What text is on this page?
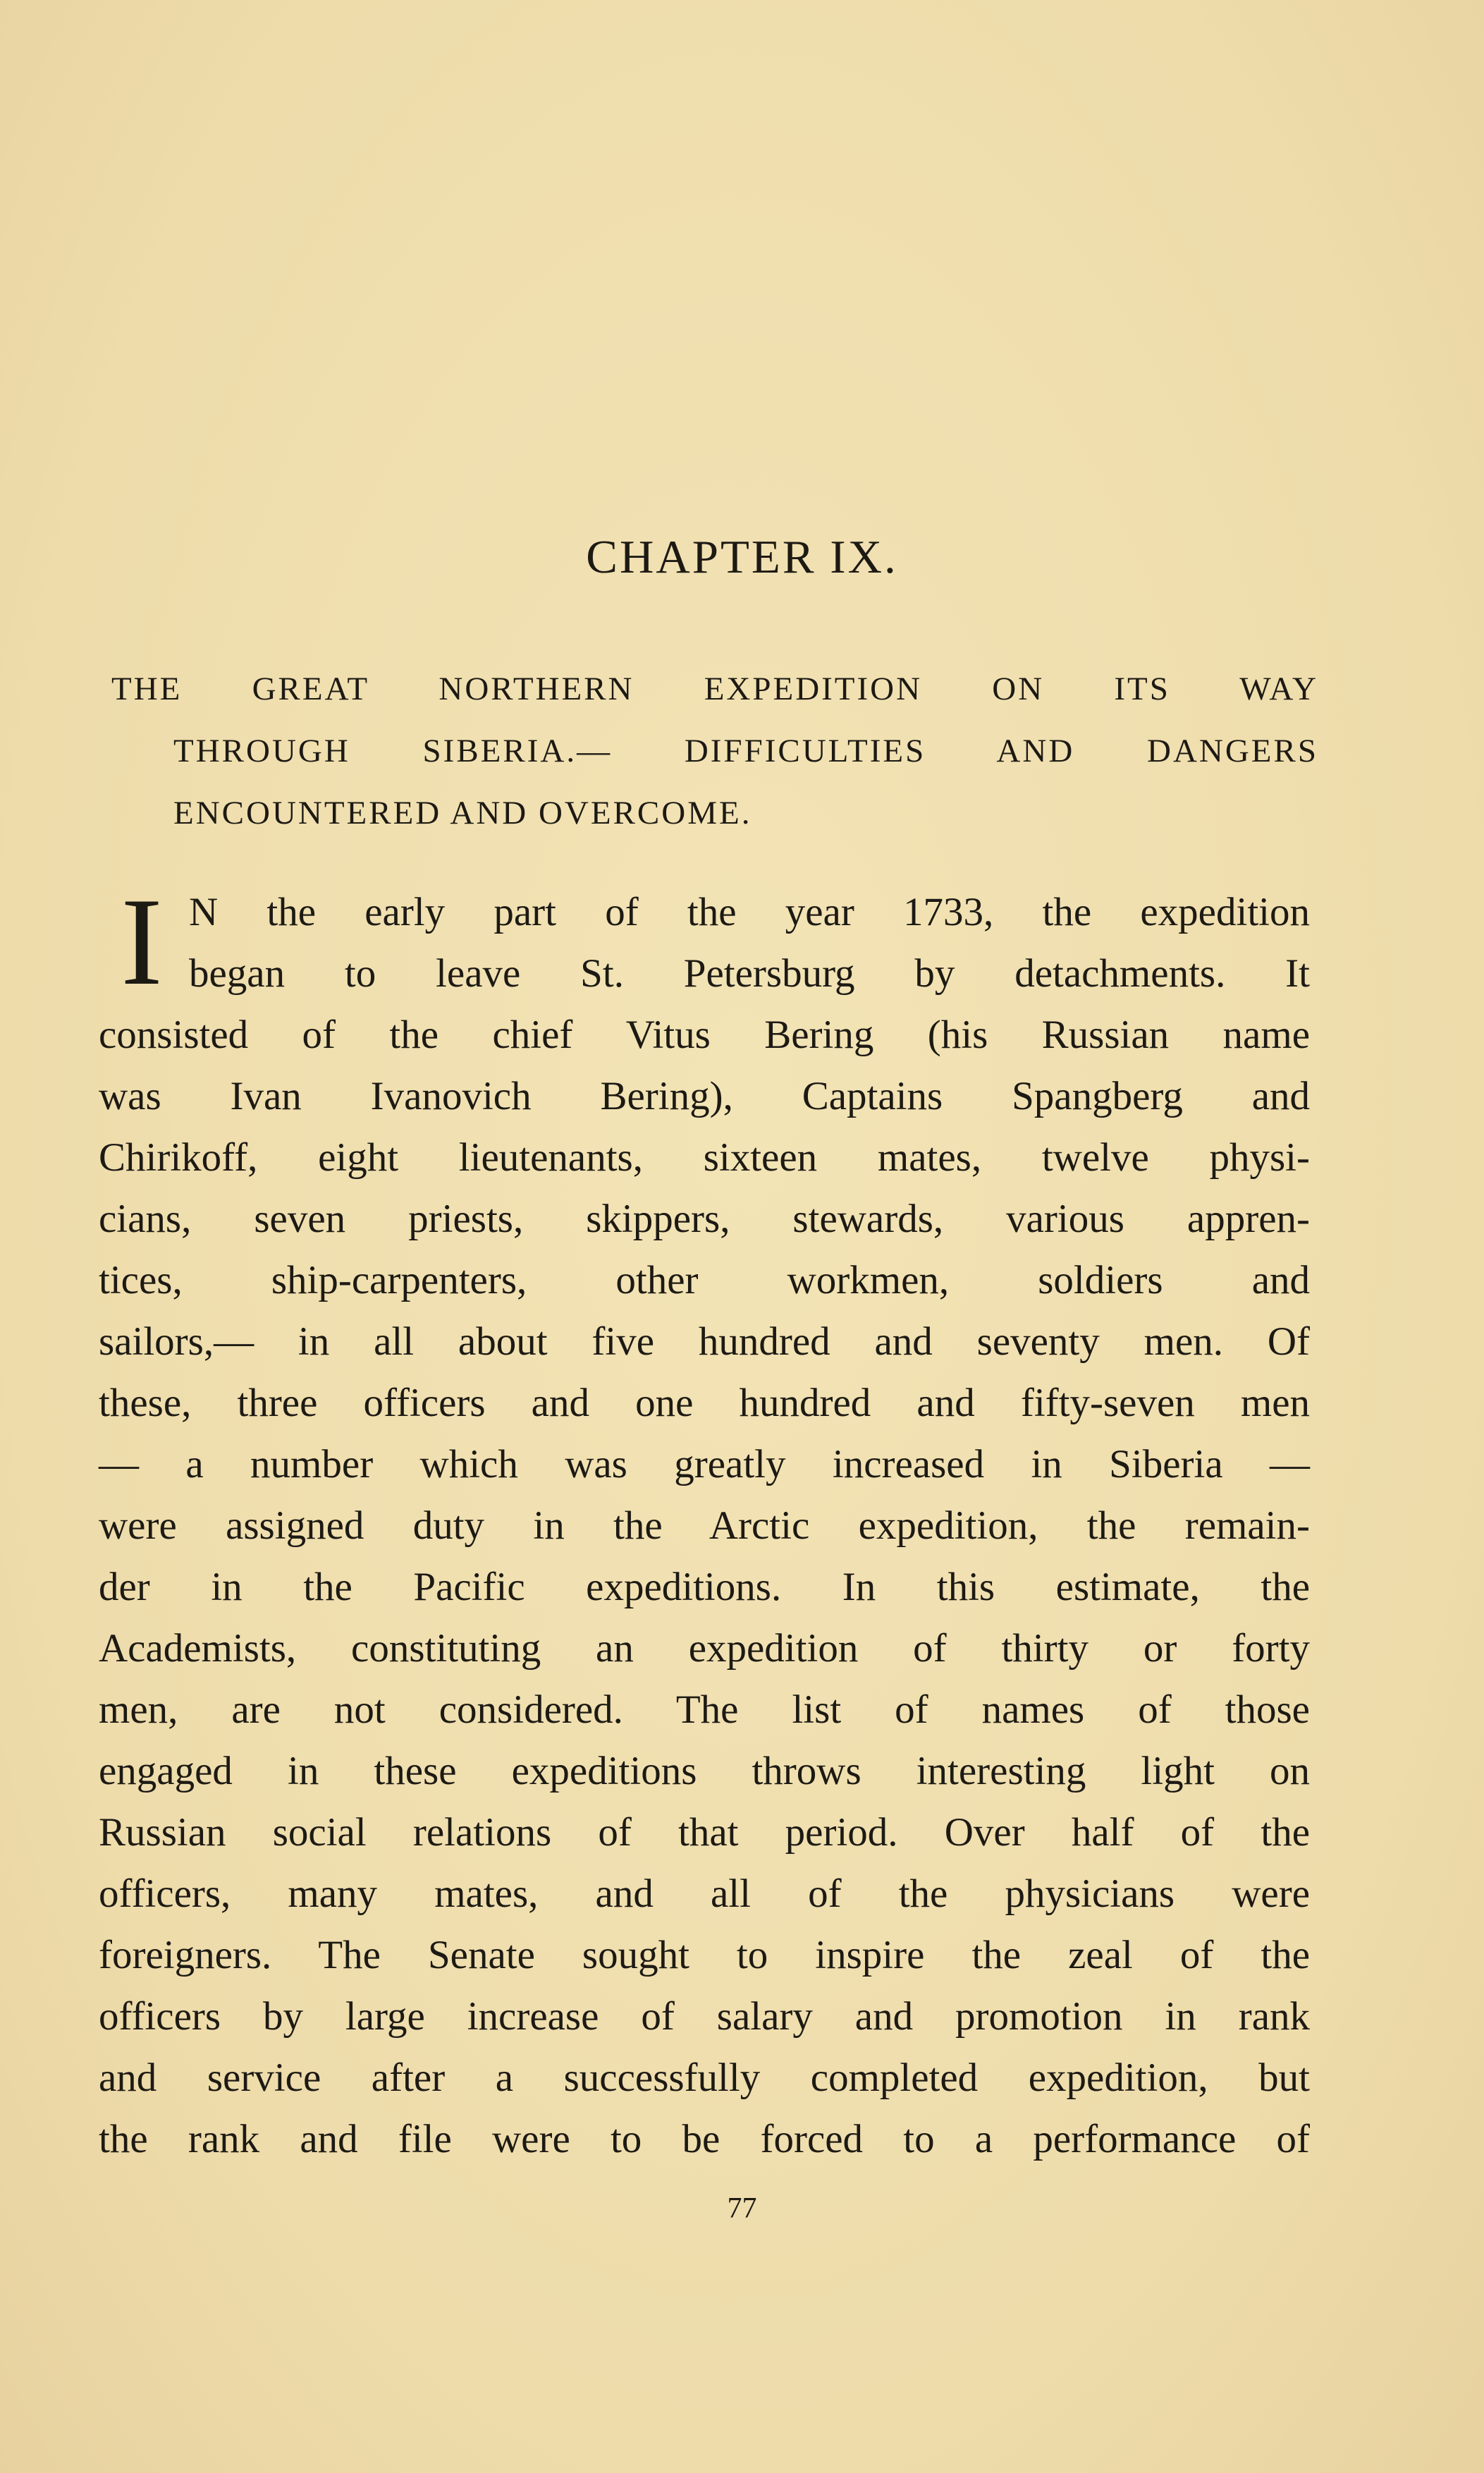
CHAPTER IX.
THE GREAT NORTHERN EXPEDITION ON ITS WAY
THROUGH SIBERIA.— DIFFICULTIES AND DANGERS
ENCOUNTERED AND OVERCOME.
I N the early part of the year 1733, the expedition
began to leave St. Petersburg by detachments. It
consisted of the chief Vitus Bering (his Russian name
was Ivan Ivanovich Bering), Captains Spangberg and
Chirikoff, eight lieutenants, sixteen mates, twelve physi-
cians, seven priests, skippers, stewards, various appren-
tices, ship-carpenters, other workmen, soldiers and
sailors,— in all about five hundred and seventy men. Of
these, three officers and one hundred and fifty-seven men
— a number which was greatly increased in Siberia —
were assigned duty in the Arctic expedition, the remain-
der in the Pacific expeditions. In this estimate, the
Academists, constituting an expedition of thirty or forty
men, are not considered. The list of names of those
engaged in these expeditions throws interesting light on
Russian social relations of that period. Over half of the
officers, many mates, and all of the physicians were
foreigners. The Senate sought to inspire the zeal of the
officers by large increase of salary and promotion in rank
and service after a successfully completed expedition, but
the rank and file were to be forced to a performance of
77
